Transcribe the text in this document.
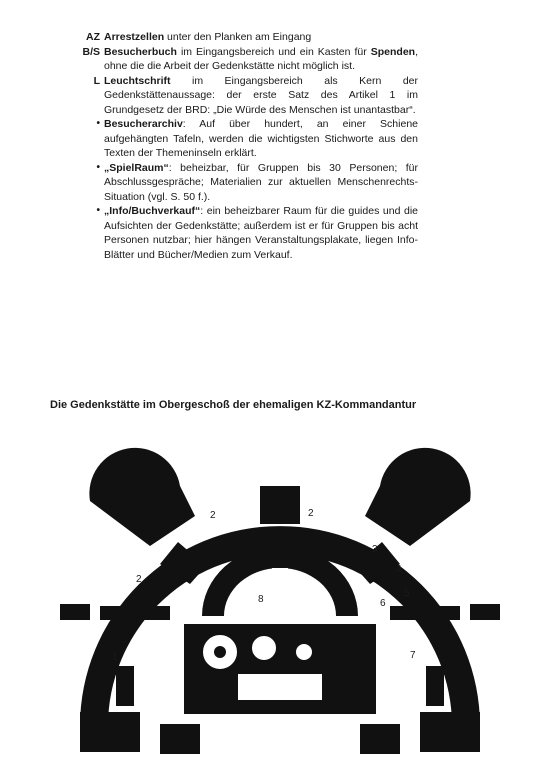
AZ Arrestzellen unter den Planken am Eingang
B/S Besucherbuch im Eingangsbereich und ein Kasten für Spenden, ohne die die Arbeit der Gedenkstätte nicht möglich ist.
L Leuchtschrift im Eingangsbereich als Kern der Gedenkstättenaussage: der erste Satz des Artikel 1 im Grundgesetz der BRD: „Die Würde des Menschen ist unantastbar“.
• Besucherarchiv: Auf über hundert, an einer Schiene aufgehängten Tafeln, werden die wichtigsten Stichworte aus den Texten der Themeninseln erklärt.
• „SpielRaum“: beheizbar, für Gruppen bis 30 Personen; für Abschlussgespräche; Materialien zur aktuellen Menschenrechts-Situation (vgl. S. 50 f.).
• „Info/Buchverkauf“: ein beheizbarer Raum für die guides und die Aufsichten der Gedenkstätte; außerdem ist er für Gruppen bis acht Personen nutzbar; hier hängen Veranstaltungsplakate, liegen Info-Blätter und Bücher/Medien zum Verkauf.
Die Gedenkstätte im Obergeschoß der ehemaligen KZ-Kommandantur
2	2
2
3
4
5
6
7
8
1
